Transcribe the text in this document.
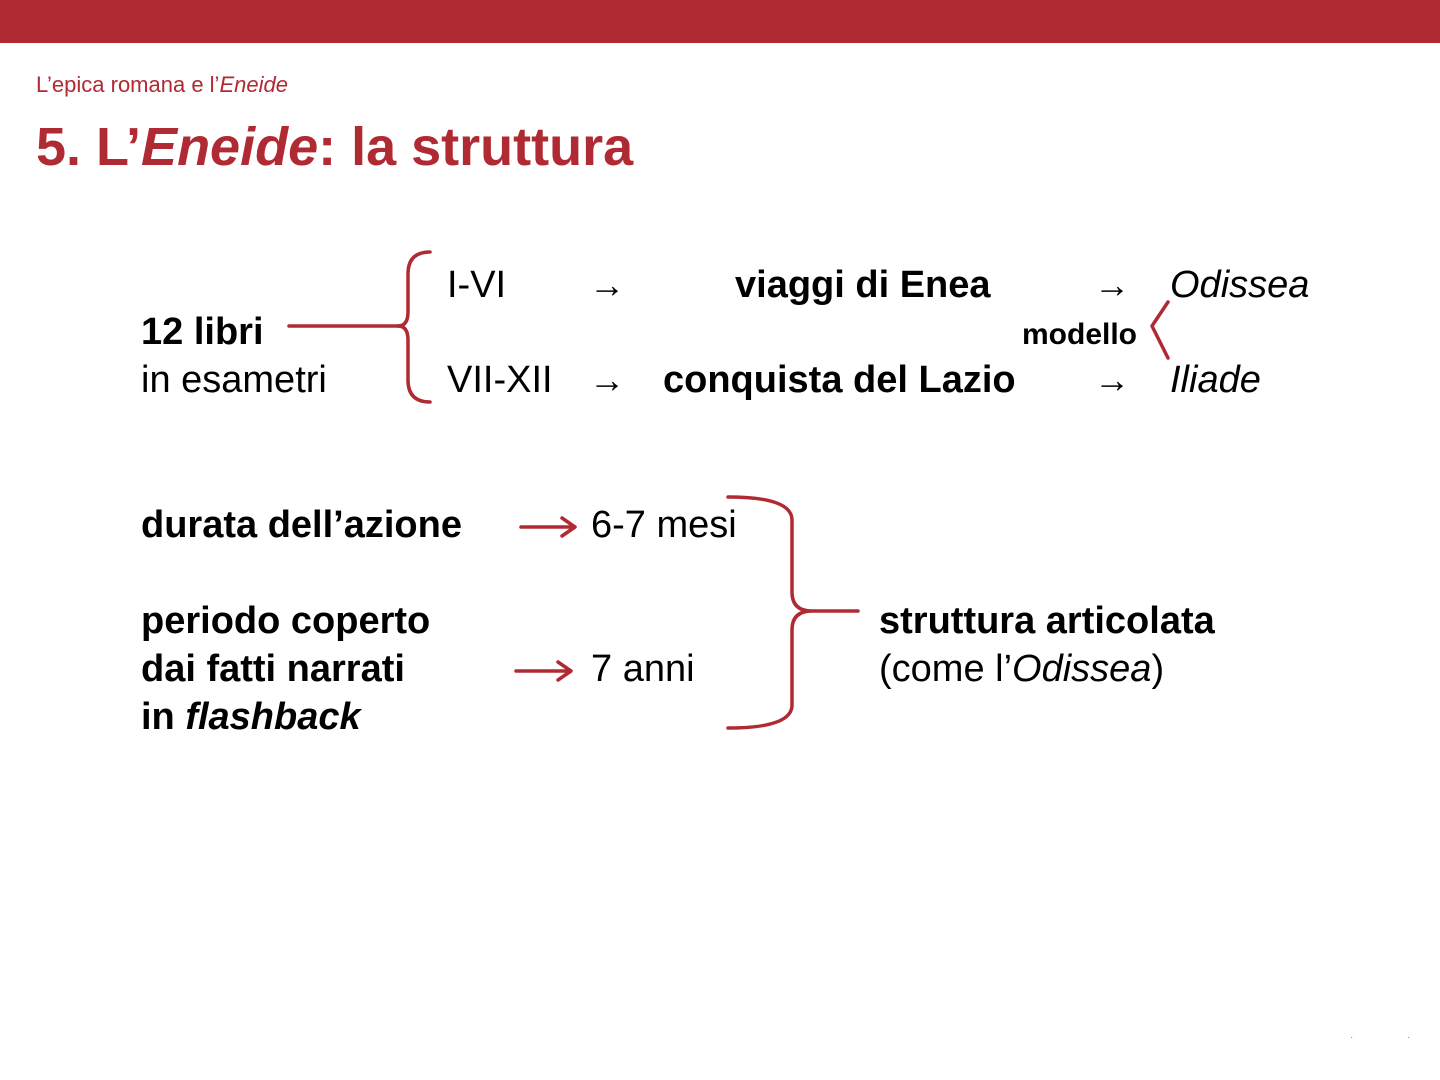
L’epica romana e l’Eneide
5. L’Eneide: la struttura
12 libri
in esametri
I-VI →	viaggi di Enea	→ Odissea
modello
VII-XII → conquista del Lazio → Iliade
durata dell’azione	6-7 mesi
periodo coperto
dai fatti narrati
in flashback
7 anni
struttura articolata
(come l’Odissea)
·	·
